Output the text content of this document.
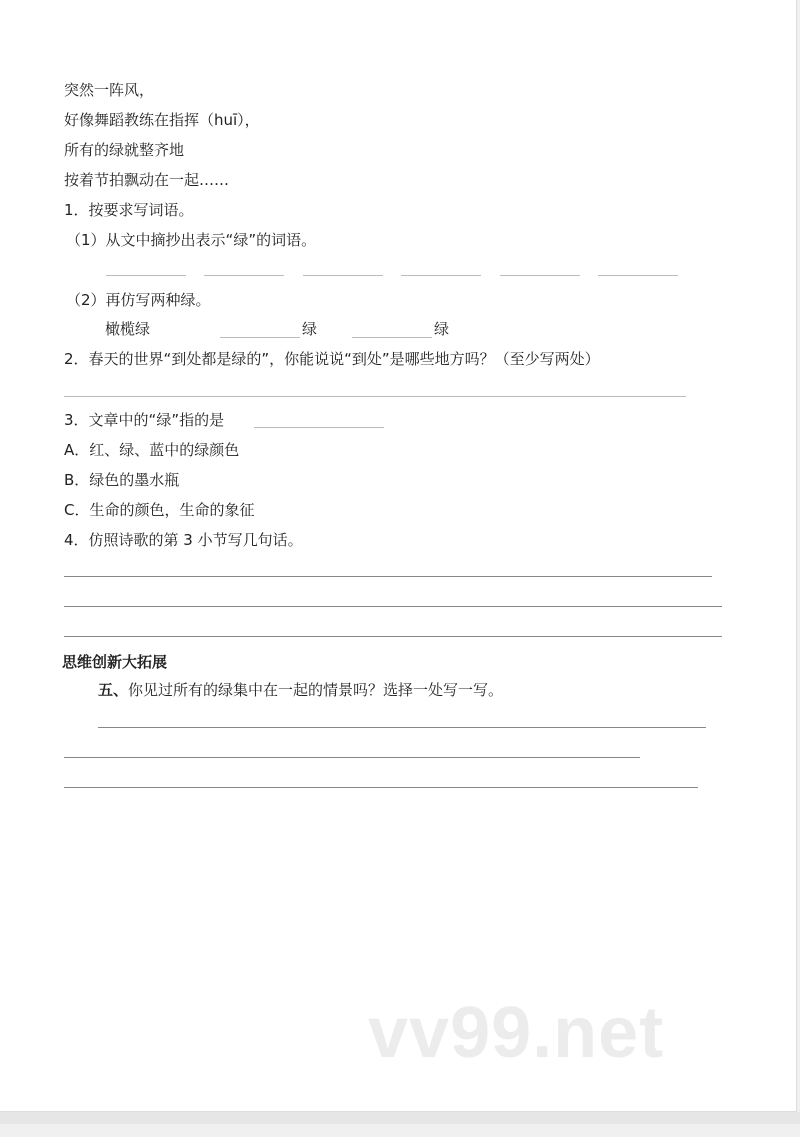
突然一阵风，
好像舞蹈教练在指挥（huī），
所有的绿就整齐地
按着节拍飘动在一起……
1．按要求写词语。
（1）从文中摘抄出表示“绿”的词语。
（2）再仿写两种绿。
橄榄绿	绿	绿
2．春天的世界“到处都是绿的”，你能说说“到处”是哪些地方吗？（至少写两处）
3．文章中的“绿”指的是
A．红、绿、蓝中的绿颜色
B．绿色的墨水瓶
C．生命的颜色，生命的象征
4．仿照诗歌的第 3 小节写几句话。
思维创新大拓展
五、你见过所有的绿集中在一起的情景吗？选择一处写一写。
vv99.net
